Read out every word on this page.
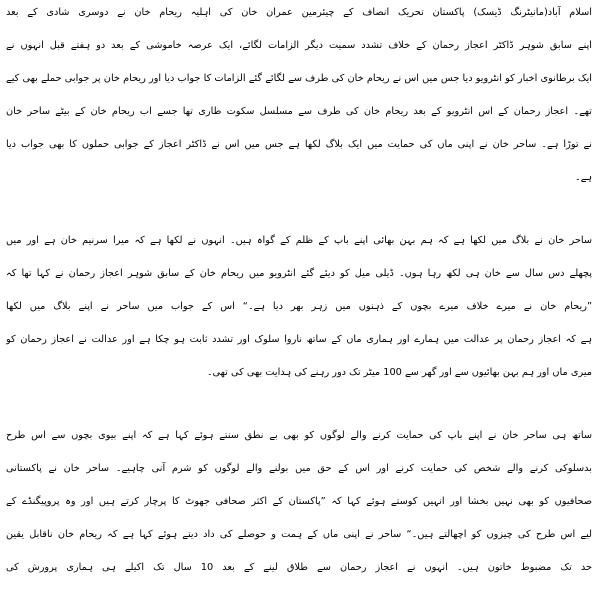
اسلام آباد(مانیٹرنگ ڈیسک) پاکستان تحریک انصاف کے چیئرمین عمران خان کی اہلیہ ریحام خان نے دوسری شادی کے بعد
اپنے سابق شوہر ڈاکٹر اعجاز رحمان کے خلاف تشدد سمیت دیگر الزامات لگائے، ایک عرصہ خاموشی کے بعد دو ہفتے قبل انہوں نے
ایک برطانوی اخبار کو انٹرویو دیا جس میں اس نے ریحام خان کی طرف سے لگائے گئے الزامات کا جواب دیا اور ریحام خان پر جوابی حملے بھی کیے
تھے۔ اعجاز رحمان کے اس انٹرویو کے بعد ریحام خان کی طرف سے مسلسل سکوت طاری تھا جسے اب ریحام خان کے بیٹے ساحر خان
نے توڑا ہے۔ ساحر خان نے اپنی ماں کی حمایت میں ایک بلاگ لکھا ہے جس میں اس نے ڈاکٹر اعجاز کے جوابی حملوں کا بھی جواب دیا
ہے۔
ساحر خان نے بلاگ میں لکھا ہے کہ ہم بہن بھائی اپنے باپ کے ظلم کے گواہ ہیں۔ انہوں نے لکھا ہے کہ میرا سرنیم خان ہے اور میں
پچھلے دس سال سے خان ہی لکھ رہا ہوں۔ ڈیلی میل کو دیئے گئے انٹرویو میں ریحام خان کے سابق شوہر اعجاز رحمان نے کہا تھا کہ
”ریحام خان نے میرے خلاف میرے بچوں کے ذہنوں میں زہر بھر دیا ہے۔“ اس کے جواب میں ساحر نے اپنے بلاگ میں لکھا
ہے کہ اعجاز رحمان پر عدالت میں ہمارے اور ہماری ماں کے ساتھ ناروا سلوک اور تشدد ثابت ہو چکا ہے اور عدالت نے اعجاز رحمان کو
میری ماں اور ہم بہن بھائیوں سے اور گھر سے 100 میٹر تک دور رہنے کی ہدایت بھی کی تھی۔
ساتھ ہی ساحر خان نے اپنے باپ کی حمایت کرنے والے لوگوں کو بھی بے نطق سنتے ہوئے کہا ہے کہ اپنے بیوی بچوں سے اس طرح
بدسلوکی کرنے والے شخص کی حمایت کرنے اور اس کے حق میں بولنے والے لوگوں کو شرم آنی چاہیے۔ ساحر خان نے پاکستانی
صحافیوں کو بھی نہیں بخشا اور انہیں کوستے ہوئے کہا کہ ”پاکستان کے اکثر صحافی جھوٹ کا پرچار کرتے ہیں اور وہ پروپیگنڈے کے
لیے اس طرح کی چیزوں کو اچھالتے ہیں۔“ ساحر نے اپنی ماں کے ہمت و حوصلے کی داد دیتے ہوئے کہا ہے کہ ریحام خان ناقابل یقین
حد تک مضبوط خاتون ہیں۔ انہوں نے اعجاز رحمان سے طلاق لینے کے بعد 10 سال تک اکیلے ہی ہماری پرورش کی
